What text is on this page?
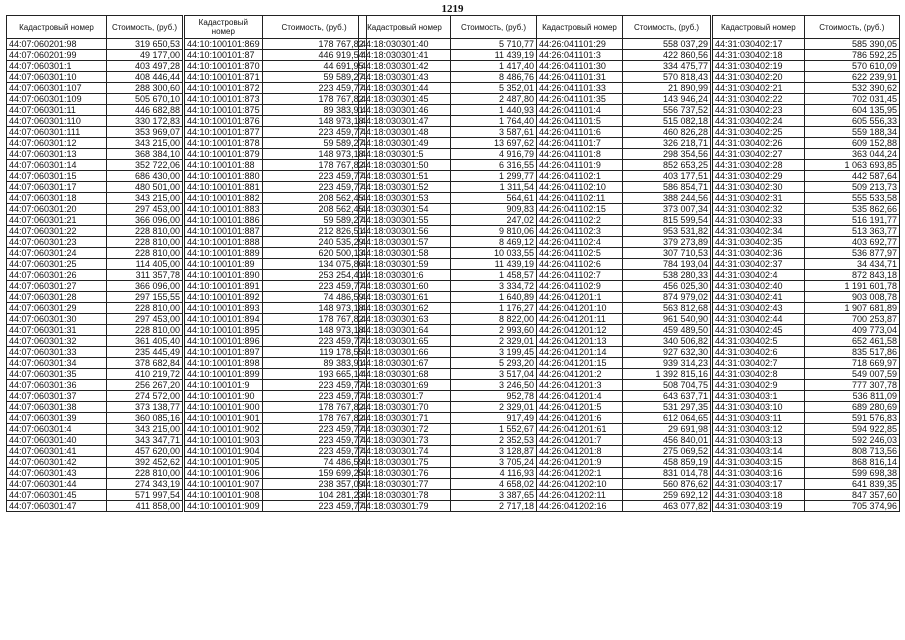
1219
Кадастровый номер	Стоимость, (руб.)
44:07:060201:98	319 650,53
44:07:060201:99	49 177,00
44:07:060301:1	403 497,28
44:07:060301:10	408 446,44
44:07:060301:107	288 300,60
44:07:060301:109	505 670,10
44:07:060301:11	446 682,88
44:07:060301:110	330 172,83
44:07:060301:111	353 969,07
44:07:060301:12	343 215,00
44:07:060301:13	368 384,10
44:07:060301:14	352 722,06
44:07:060301:15	686 430,00
44:07:060301:17	480 501,00
44:07:060301:18	343 215,00
44:07:060301:20	297 453,00
44:07:060301:21	366 096,00
44:07:060301:22	228 810,00
44:07:060301:23	228 810,00
44:07:060301:24	228 810,00
44:07:060301:25	114 405,00
44:07:060301:26	311 357,78
44:07:060301:27	366 096,00
44:07:060301:28	297 155,55
44:07:060301:29	228 810,00
44:07:060301:30	297 453,00
44:07:060301:31	228 810,00
44:07:060301:32	361 405,40
44:07:060301:33	235 445,49
44:07:060301:34	378 682,84
44:07:060301:35	410 219,72
44:07:060301:36	256 267,20
44:07:060301:37	274 572,00
44:07:060301:38	373 138,77
44:07:060301:39	360 085,16
44:07:060301:4	343 215,00
44:07:060301:40	343 347,71
44:07:060301:41	457 620,00
44:07:060301:42	392 452,62
44:07:060301:43	228 810,00
44:07:060301:44	274 343,19
44:07:060301:45	571 997,54
44:07:060301:47	411 858,00
Кадастровый номер	Стоимость, (руб.)
44:10:100101:869	178 767,82
44:10:100101:87	446 919,54
44:10:100101:870	44 691,95
44:10:100101:871	59 589,27
44:10:100101:872	223 459,77
44:10:100101:873	178 767,82
44:10:100101:875	89 383,91
44:10:100101:876	148 973,18
44:10:100101:877	223 459,77
44:10:100101:878	59 589,27
44:10:100101:879	148 973,18
44:10:100101:88	178 767,82
44:10:100101:880	223 459,77
44:10:100101:881	223 459,77
44:10:100101:882	208 562,45
44:10:100101:883	208 562,45
44:10:100101:886	59 589,27
44:10:100101:887	212 826,51
44:10:100101:888	240 535,29
44:10:100101:889	620 500,13
44:10:100101:89	134 075,86
44:10:100101:890	253 254,41
44:10:100101:891	223 459,77
44:10:100101:892	74 486,59
44:10:100101:893	148 973,18
44:10:100101:894	178 767,82
44:10:100101:895	148 973,18
44:10:100101:896	223 459,77
44:10:100101:897	119 178,55
44:10:100101:898	89 383,91
44:10:100101:899	193 665,14
44:10:100101:9	223 459,77
44:10:100101:90	223 459,77
44:10:100101:900	178 767,82
44:10:100101:901	178 767,82
44:10:100101:902	223 459,77
44:10:100101:903	223 459,77
44:10:100101:904	223 459,77
44:10:100101:905	74 486,59
44:10:100101:906	159 699,25
44:10:100101:907	238 357,09
44:10:100101:908	104 281,23
44:10:100101:909	223 459,77
Кадастровый номер	Стоимость, (руб.)
44:18:030301:40	5 710,77
44:18:030301:41	11 439,19
44:18:030301:42	1 417,40
44:18:030301:43	8 486,76
44:18:030301:44	5 352,01
44:18:030301:45	2 487,80
44:18:030301:46	1 440,93
44:18:030301:47	1 764,40
44:18:030301:48	3 587,61
44:18:030301:49	13 697,62
44:18:030301:5	4 916,79
44:18:030301:50	6 316,55
44:18:030301:51	1 299,77
44:18:030301:52	1 311,54
44:18:030301:53	564,61
44:18:030301:54	909,83
44:18:030301:55	247,02
44:18:030301:56	9 810,06
44:18:030301:57	8 469,12
44:18:030301:58	10 033,55
44:18:030301:59	11 439,19
44:18:030301:6	1 458,57
44:18:030301:60	3 334,72
44:18:030301:61	1 640,89
44:18:030301:62	1 176,27
44:18:030301:63	8 822,00
44:18:030301:64	2 993,60
44:18:030301:65	2 329,01
44:18:030301:66	3 199,45
44:18:030301:67	5 293,20
44:18:030301:68	3 517,04
44:18:030301:69	3 246,50
44:18:030301:7	952,78
44:18:030301:70	2 329,01
44:18:030301:71	917,49
44:18:030301:72	1 552,67
44:18:030301:73	2 352,53
44:18:030301:74	3 128,87
44:18:030301:75	3 705,24
44:18:030301:76	4 116,93
44:18:030301:77	4 658,02
44:18:030301:78	3 387,65
44:18:030301:79	2 717,18
Кадастровый номер	Стоимость, (руб.)
44:26:041101:29	558 037,29
44:26:041101:3	422 860,56
44:26:041101:30	334 475,77
44:26:041101:31	570 818,43
44:26:041101:33	21 890,99
44:26:041101:35	143 946,24
44:26:041101:4	556 737,52
44:26:041101:5	515 082,18
44:26:041101:6	460 826,28
44:26:041101:7	326 218,71
44:26:041101:8	298 354,56
44:26:041101:9	852 653,25
44:26:041102:1	403 177,51
44:26:041102:10	586 854,71
44:26:041102:11	388 244,56
44:26:041102:15	373 007,34
44:26:041102:2	815 599,54
44:26:041102:3	953 531,82
44:26:041102:4	379 273,89
44:26:041102:5	307 710,53
44:26:041102:6	784 193,04
44:26:041102:7	538 280,33
44:26:041102:9	456 025,30
44:26:041201:1	874 979,02
44:26:041201:10	563 812,68
44:26:041201:11	961 540,90
44:26:041201:12	459 489,50
44:26:041201:13	340 506,82
44:26:041201:14	927 632,30
44:26:041201:15	939 314,23
44:26:041201:2	1 392 815,16
44:26:041201:3	508 704,75
44:26:041201:4	643 637,71
44:26:041201:5	531 297,35
44:26:041201:6	612 064,65
44:26:041201:61	29 691,98
44:26:041201:7	456 840,01
44:26:041201:8	275 069,52
44:26:041201:9	458 859,19
44:26:041202:1	831 014,78
44:26:041202:10	560 876,62
44:26:041202:11	259 692,12
44:26:041202:16	463 077,82
Кадастровый номер	Стоимость, (руб.)
44:31:030402:17	585 390,05
44:31:030402:18	786 592,25
44:31:030402:19	570 610,09
44:31:030402:20	622 239,91
44:31:030402:21	532 390,62
44:31:030402:22	702 031,45
44:31:030402:23	604 135,95
44:31:030402:24	605 556,33
44:31:030402:25	559 188,34
44:31:030402:26	609 152,88
44:31:030402:27	363 044,24
44:31:030402:28	1 063 693,85
44:31:030402:29	442 587,64
44:31:030402:30	509 213,73
44:31:030402:31	555 533,58
44:31:030402:32	535 862,66
44:31:030402:33	516 191,77
44:31:030402:34	513 363,77
44:31:030402:35	403 692,77
44:31:030402:36	536 877,97
44:31:030402:37	34 434,71
44:31:030402:4	872 843,18
44:31:030402:40	1 191 601,78
44:31:030402:41	903 008,78
44:31:030402:43	1 907 681,89
44:31:030402:44	700 253,87
44:31:030402:45	409 773,04
44:31:030402:5	652 461,58
44:31:030402:6	835 517,86
44:31:030402:7	718 669,97
44:31:030402:8	549 007,59
44:31:030402:9	777 307,78
44:31:030403:1	536 811,09
44:31:030403:10	689 280,69
44:31:030403:11	591 576,83
44:31:030403:12	594 922,85
44:31:030403:13	592 246,03
44:31:030403:14	808 713,56
44:31:030403:15	868 816,14
44:31:030403:16	599 698,38
44:31:030403:17	641 839,35
44:31:030403:18	847 357,60
44:31:030403:19	705 374,96
